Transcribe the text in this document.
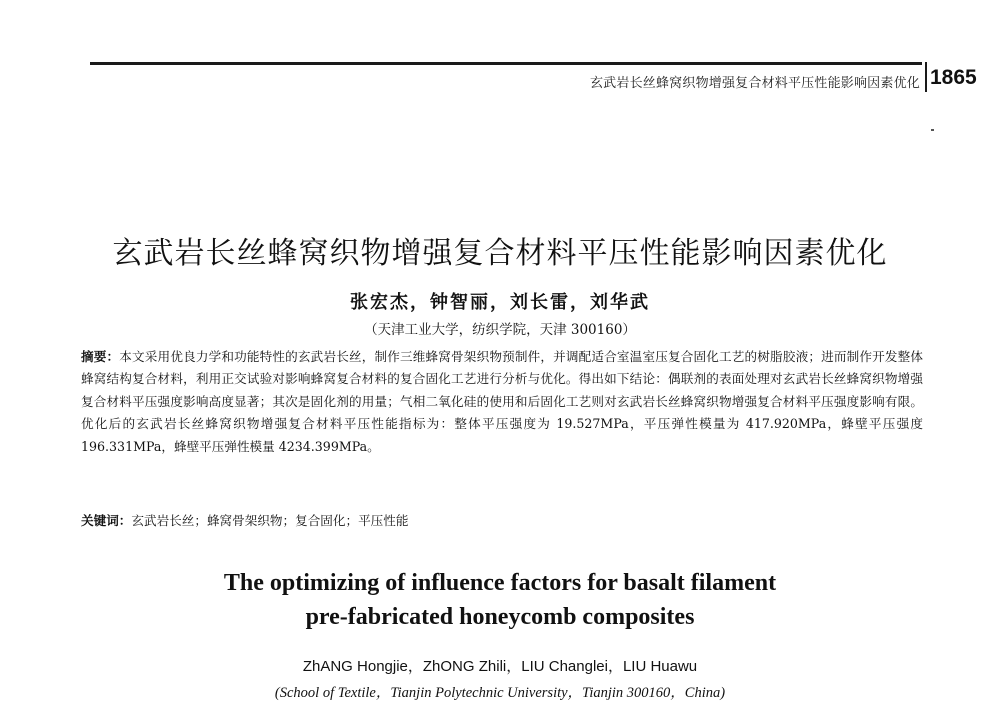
玄武岩长丝蜂窝织物增强复合材料平压性能影响因素优化 1865
玄武岩长丝蜂窝织物增强复合材料平压性能影响因素优化
张宏杰，钟智丽，刘长雷，刘华武
（天津工业大学，纺织学院，天津 300160）
摘要：本文采用优良力学和功能特性的玄武岩长丝，制作三维蜂窝骨架织物预制件，并调配适合室温室压复合固化工艺的树脂胶液；进而制作开发整体蜂窝结构复合材料，利用正交试验对影响蜂窝复合材料的复合固化工艺进行分析与优化。得出如下结论：偶联剂的表面处理对玄武岩长丝蜂窝织物增强复合材料平压强度影响高度显著；其次是固化剂的用量；气相二氧化硅的使用和后固化工艺则对玄武岩长丝蜂窝织物增强复合材料平压强度影响有限。优化后的玄武岩长丝蜂窝织物增强复合材料平压性能指标为：整体平压强度为 19.527MPa，平压弹性模量为 417.920MPa，蜂壁平压强度 196.331MPa，蜂壁平压弹性模量 4234.399MPa。
关键词：玄武岩长丝；蜂窝骨架织物；复合固化；平压性能
The optimizing of influence factors for basalt filament
pre-fabricated honeycomb composites
ZhANG Hongjie，ZhONG Zhili，LIU Changlei，LIU Huawu
(School of Textile，Tianjin Polytechnic University，Tianjin 300160，China)
